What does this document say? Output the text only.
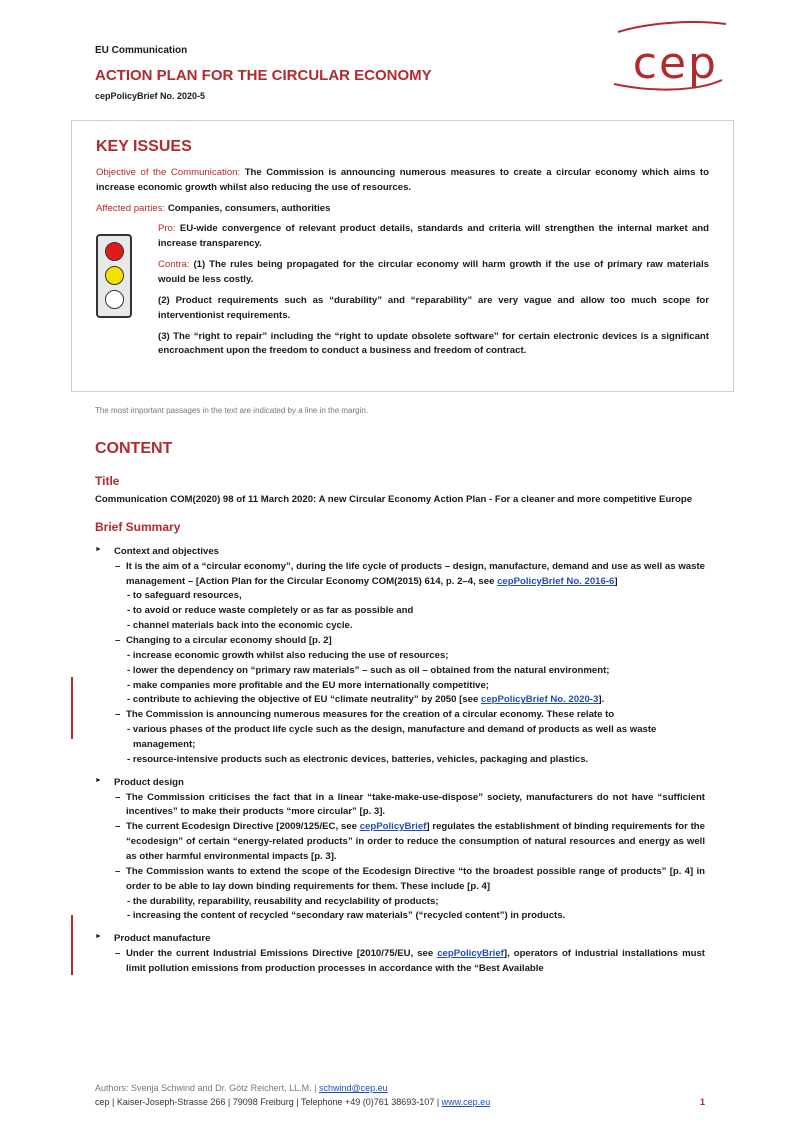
EU Communication
ACTION PLAN FOR THE CIRCULAR ECONOMY
cepPolicyBrief No. 2020-5
cep
KEY ISSUES

Objective of the Communication: The Commission is announcing numerous measures to create a circular economy which aims to increase economic growth whilst also reducing the use of resources.

Affected parties: Companies, consumers, authorities

Pro: EU-wide convergence of relevant product details, standards and criteria will strengthen the internal market and increase transparency.

Contra: (1) The rules being propagated for the circular economy will harm growth if the use of primary raw materials would be less costly.

(2) Product requirements such as “durability” and “reparability” are very vague and allow too much scope for interventionist requirements.

(3) The “right to repair” including the “right to update obsolete software” for certain electronic devices is a significant encroachment upon the freedom to conduct a business and freedom of contract.

The most important passages in the text are indicated by a line in the margin.
CONTENT
Title
Communication COM(2020) 98 of 11 March 2020: A new Circular Economy Action Plan - For a cleaner and more competitive Europe
Brief Summary
► Context and objectives
– It is the aim of a “circular economy”, during the life cycle of products – design, manufacture, demand and use as well as waste management – [Action Plan for the Circular Economy COM(2015) 614, p. 2–4, see cepPolicyBrief No. 2016-6]
- to safeguard resources,
- to avoid or reduce waste completely or as far as possible and
- channel materials back into the economic cycle.
– Changing to a circular economy should [p. 2]
- increase economic growth whilst also reducing the use of resources;
- lower the dependency on “primary raw materials” – such as oil – obtained from the natural environment;
- make companies more profitable and the EU more internationally competitive;
- contribute to achieving the objective of EU “climate neutrality” by 2050 [see cepPolicyBrief No. 2020-3].
– The Commission is announcing numerous measures for the creation of a circular economy. These relate to
- various phases of the product life cycle such as the design, manufacture and demand of products as well as waste management;
- resource-intensive products such as electronic devices, batteries, vehicles, packaging and plastics.
► Product design
– The Commission criticises the fact that in a linear “take-make-use-dispose” society, manufacturers do not have “sufficient incentives” to make their products “more circular” [p. 3].
– The current Ecodesign Directive [2009/125/EC, see cepPolicyBrief] regulates the establishment of binding requirements for the “ecodesign” of certain “energy-related products” in order to reduce the consumption of natural resources and energy as well as other harmful environmental impacts [p. 3].
– The Commission wants to extend the scope of the Ecodesign Directive “to the broadest possible range of products” [p. 4] in order to be able to lay down binding requirements for them. These include [p. 4]
- the durability, reparability, reusability and recyclability of products;
- increasing the content of recycled “secondary raw materials” (“recycled content”) in products.
► Product manufacture
– Under the current Industrial Emissions Directive [2010/75/EU, see cepPolicyBrief], operators of industrial installations must limit pollution emissions from production processes in accordance with the “Best Available
Authors: Svenja Schwind and Dr. Götz Reichert, LL.M. | schwind@cep.eu
cep | Kaiser-Joseph-Strasse 266 | 79098 Freiburg | Telephone +49 (0)761 38693-107 | www.cep.eu	1
